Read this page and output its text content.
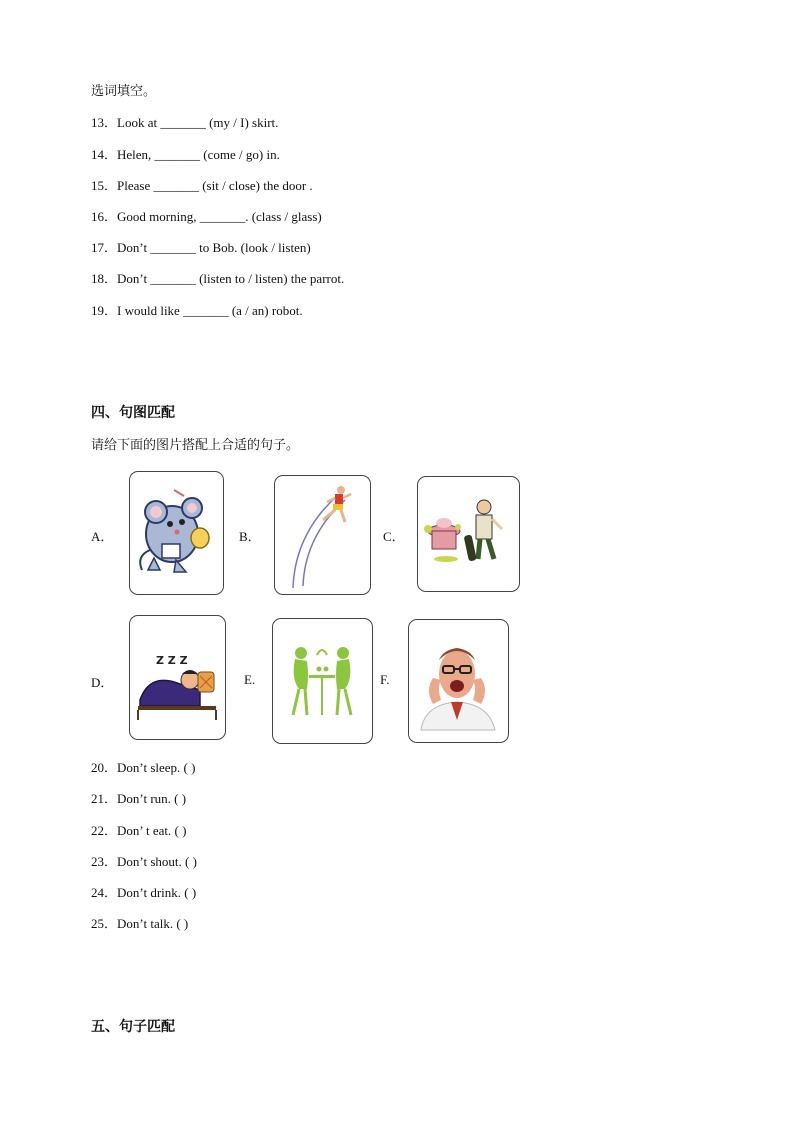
选词填空。
13．Look at _______ (my / I) skirt.
14．Helen, _______ (come / go) in.
15．Please _______ (sit / close) the door .
16．Good morning, _______. (class / glass)
17．Don’t _______ to Bob. (look / listen)
18．Don’t _______ (listen to / listen) the parrot.
19．I would like _______ (a / an) robot.
四、句图匹配
请给下面的图片搭配上合适的句子。
A．	B．	C．
D．
Z Z Z
E.	F.
20．Don’t sleep. ( )
21．Don’t run. ( )
22．Don’ t eat. ( )
23．Don’t shout. ( )
24．Don’t drink. ( )
25．Don’t talk. ( )
五、句子匹配
